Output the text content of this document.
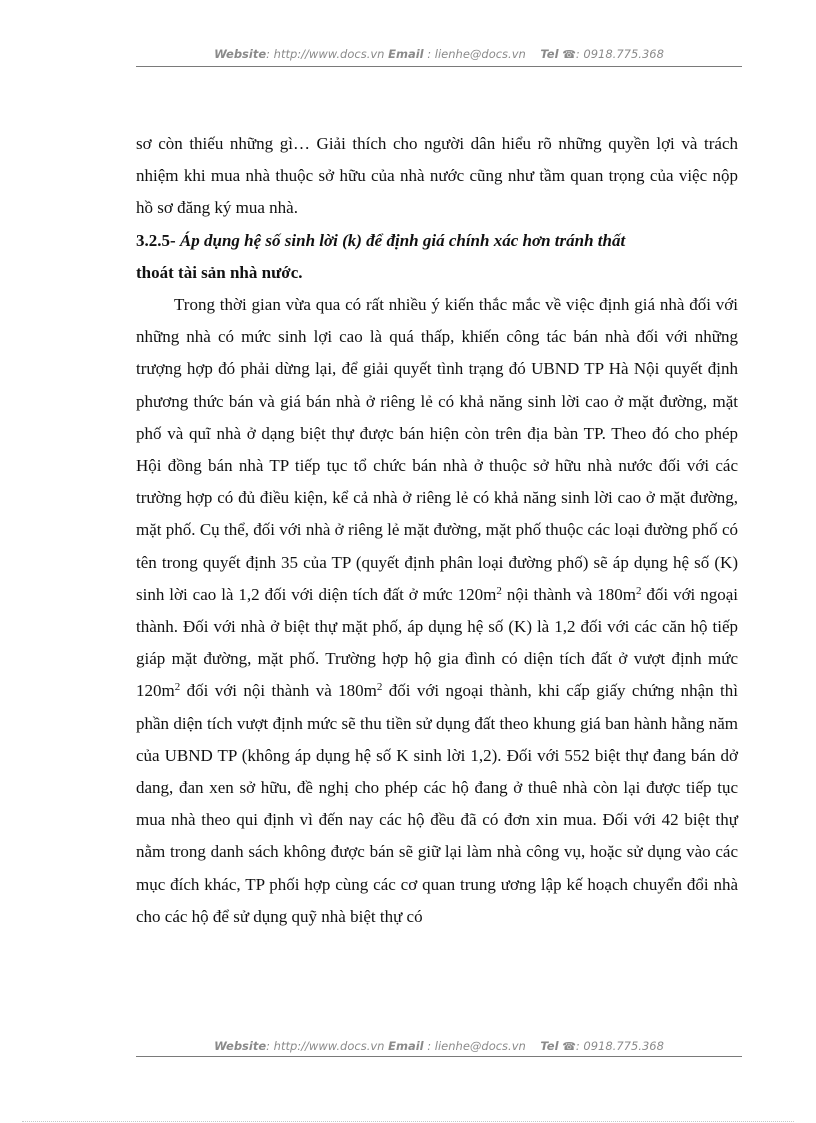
Website: http://www.docs.vn Email : lienhe@docs.vn Tel ☎: 0918.775.368

sơ còn thiếu những gì… Giải thích cho người dân hiểu rõ những quyền lợi và trách nhiệm khi mua nhà thuộc sở hữu của nhà nước cũng như tầm quan trọng của việc nộp hồ sơ đăng ký mua nhà.

3.2.5- Áp dụng hệ số sinh lời (k) để định giá chính xác hơn tránh thất
thoát tài sản nhà nước.

Trong thời gian vừa qua có rất nhiều ý kiến thắc mắc về việc định giá nhà đối với những nhà có mức sinh lợi cao là quá thấp, khiến công tác bán nhà đối với những trượng hợp đó phải dừng lại, để giải quyết tình trạng đó UBND TP Hà Nội quyết định phương thức bán và giá bán nhà ở riêng lẻ có khả năng sinh lời cao ở mặt đường, mặt phố và quĩ nhà ở dạng biệt thự được bán hiện còn trên địa bàn TP. Theo đó cho phép Hội đồng bán nhà TP tiếp tục tổ chức bán nhà ở thuộc sở hữu nhà nước đối với các trường hợp có đủ điều kiện, kể cả nhà ở riêng lẻ có khả năng sinh lời cao ở mặt đường, mặt phố. Cụ thể, đối với nhà ở riêng lẻ mặt đường, mặt phố thuộc các loại đường phố có tên trong quyết định 35 của TP (quyết định phân loại đường phố) sẽ áp dụng hệ số (K) sinh lời cao là 1,2 đối với diện tích đất ở mức $120m^2$ nội thành và $180m^2$ đối với ngoại thành. Đối với nhà ở biệt thự mặt phố, áp dụng hệ số (K) là 1,2 đối với các căn hộ tiếp giáp mặt đường, mặt phố. Trường hợp hộ gia đình có diện tích đất ở vượt định mức $120m^2$ đối với nội thành và $180m^2$ đối với ngoại thành, khi cấp giấy chứng nhận thì phần diện tích vượt định mức sẽ thu tiền sử dụng đất theo khung giá ban hành hằng năm của UBND TP (không áp dụng hệ số K sinh lời 1,2). Đối với 552 biệt thự đang bán dở dang, đan xen sở hữu, đề nghị cho phép các hộ đang ở thuê nhà còn lại được tiếp tục mua nhà theo qui định vì đến nay các hộ đều đã có đơn xin mua. Đối với 42 biệt thự nằm trong danh sách không được bán sẽ giữ lại làm nhà công vụ, hoặc sử dụng vào các mục đích khác, TP phối hợp cùng các cơ quan trung ương lập kế hoạch chuyển đổi nhà cho các hộ để sử dụng quỹ nhà biệt thự có

Website: http://www.docs.vn Email : lienhe@docs.vn Tel ☎: 0918.775.368
